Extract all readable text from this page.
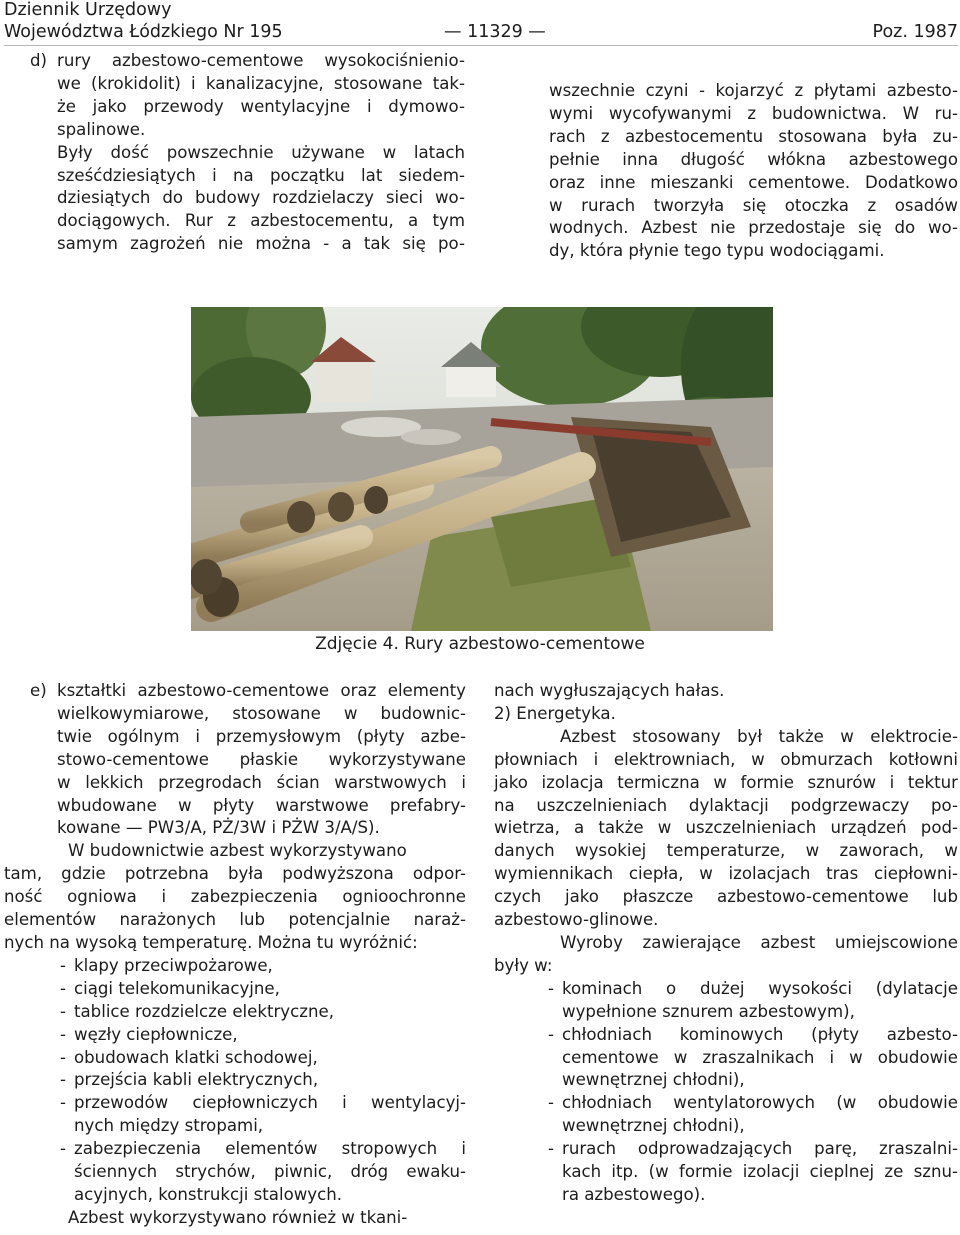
Dziennik Urzędowy
Województwa Łódzkiego Nr 195	— 11329 —	Poz. 1987
d) rury azbestowo-cementowe wysokociśnienio-
we (krokidolit) i kanalizacyjne, stosowane tak-
że jako przewody wentylacyjne i dymowo-
spalinowe.
Były dość powszechnie używane w latach
sześćdziesiątych i na początku lat siedem-
dziesiątych do budowy rozdzielaczy sieci wo-
dociągowych. Rur z azbestocementu, a tym
samym zagrożeń nie można - a tak się po-
wszechnie czyni - kojarzyć z płytami azbesto-
wymi wycofywanymi z budownictwa. W ru-
rach z azbestocementu stosowana była zu-
pełnie inna długość włókna azbestowego
oraz inne mieszanki cementowe. Dodatkowo
w rurach tworzyła się otoczka z osadów
wodnych. Azbest nie przedostaje się do wo-
dy, która płynie tego typu wodociągami.
Zdjęcie 4. Rury azbestowo-cementowe
e) kształtki azbestowo-cementowe oraz elementy
wielkowymiarowe, stosowane w budownic-
twie ogólnym i przemysłowym (płyty azbe-
stowo-cementowe płaskie wykorzystywane
w lekkich przegrodach ścian warstwowych i
wbudowane w płyty warstwowe prefabry-
kowane — PW3/A, PŻ/3W i PŻW 3/A/S).
W budownictwie azbest wykorzystywano
tam, gdzie potrzebna była podwyższona odpor-
ność ogniowa i zabezpieczenia ognioochronne
elementów narażonych lub potencjalnie naraż-
nych na wysoką temperaturę. Można tu wyróżnić:
- klapy przeciwpożarowe,
- ciągi telekomunikacyjne,
- tablice rozdzielcze elektryczne,
- węzły ciepłownicze,
- obudowach klatki schodowej,
- przejścia kabli elektrycznych,
- przewodów ciepłowniczych i wentylacyj-
nych między stropami,
- zabezpieczenia elementów stropowych i
ściennych strychów, piwnic, dróg ewaku-
acyjnych, konstrukcji stalowych.
Azbest wykorzystywano również w tkani-
nach wygłuszających hałas.
2) Energetyka.
Azbest stosowany był także w elektrocie-
płowniach i elektrowniach, w obmurzach kotłowni
jako izolacja termiczna w formie sznurów i tektur
na uszczelnieniach dylaktacji podgrzewaczy po-
wietrza, a także w uszczelnieniach urządzeń pod-
danych wysokiej temperaturze, w zaworach, w
wymiennikach ciepła, w izolacjach tras ciepłowni-
czych jako płaszcze azbestowo-cementowe lub
azbestowo-glinowe.
Wyroby zawierające azbest umiejscowione
były w:
- kominach o dużej wysokości (dylatacje
wypełnione sznurem azbestowym),
- chłodniach kominowych (płyty azbesto-
cementowe w zraszalnikach i w obudowie
wewnętrznej chłodni),
- chłodniach wentylatorowych (w obudowie
wewnętrznej chłodni),
- rurach odprowadzających parę, zraszalni-
kach itp. (w formie izolacji cieplnej ze sznu-
ra azbestowego).
